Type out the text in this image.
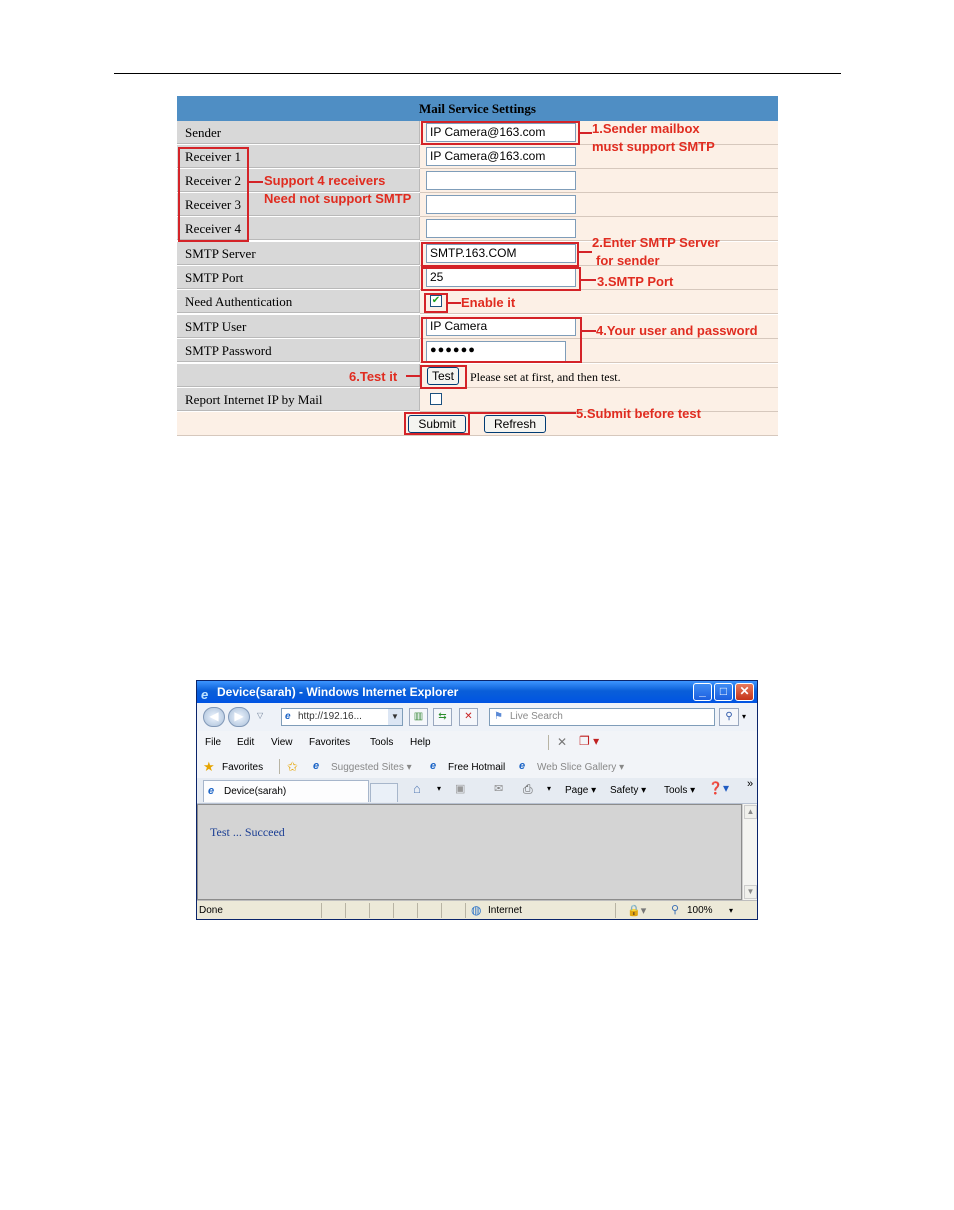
Mail Service Settings
Sender	IP Camera@163.com
Receiver 1	IP Camera@163.com
Receiver 2
Receiver 3
Receiver 4
SMTP Server	SMTP.163.COM
SMTP Port	25
Need Authentication	✔
SMTP User	IP Camera
SMTP Password	●●●●●●
Test	Please set at first, and then test.
Report Internet IP by Mail
Submit	Refresh
1.Sender mailbox
must support SMTP
Support 4 receivers
Need not support SMTP
2.Enter SMTP Server
for sender
3.SMTP Port
Enable it
4.Your user and password
6.Test it
5.Submit before test
e Device(sarah) - Windows Internet Explorer	_	□	✕
◀	▶	▽ e http://192.16...	▼	▥	⇆	✕	⚑ Live Search	⚲	▾
File Edit View Favorites Tools Help	✕ ❐ ▾
★ Favorites ✩ e Suggested Sites ▾ e Free Hotmail e Web Slice Gallery ▾
e Device(sarah)	⌂ ▾ ▣	✉ ⎙ ▾ Page ▾ Safety ▾ Tools ▾ ❓▾ »
Test ... Succeed
▲
▼
Done	◍ Internet	🔒▾ ⚲ 100% ▾
